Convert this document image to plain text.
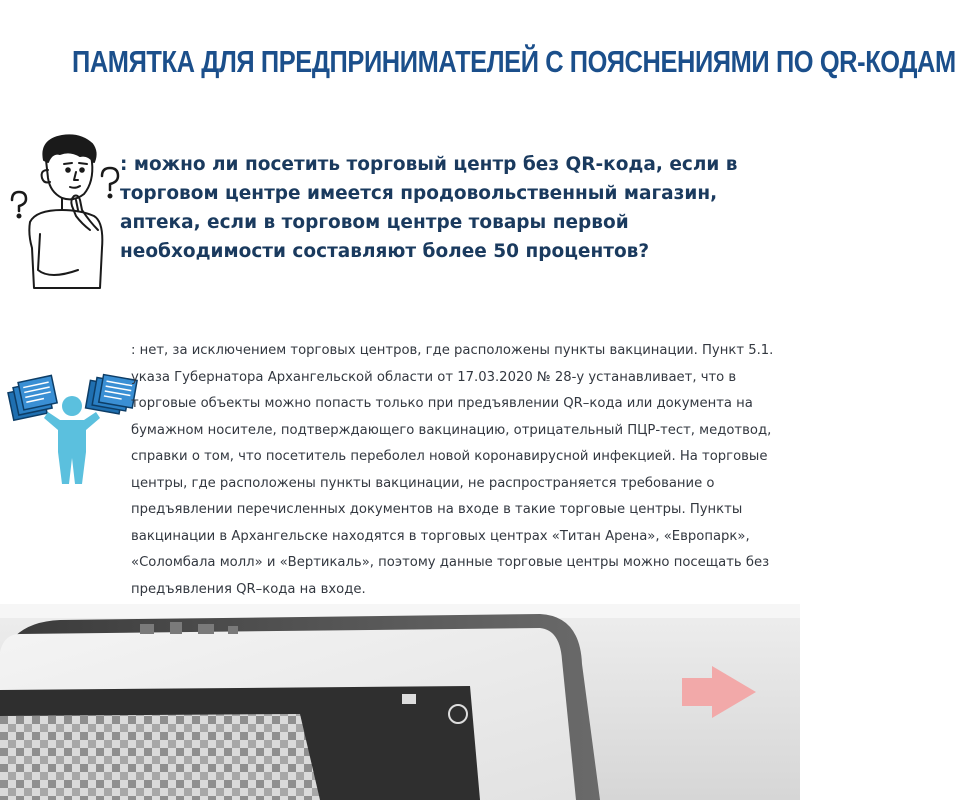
ПАМЯТКА ДЛЯ ПРЕДПРИНИМАТЕЛЕЙ С ПОЯСНЕНИЯМИ ПО QR-КОДАМ
: можно ли посетить торговый центр без QR-кода, если в торговом центре имеется продовольственный магазин, аптека, если в торговом центре товары первой необходимости составляют более 50 процентов?
: нет, за исключением торговых центров, где расположены пункты вакцинации. Пункт 5.1. указа Губернатора Архангельской области от 17.03.2020 № 28-у устанавливает, что в торговые объекты можно попасть только при предъявлении QR–кода или документа на бумажном носителе, подтверждающего вакцинацию, отрицательный ПЦР-тест, медотвод, справки о том, что посетитель переболел новой коронавирусной инфекцией. На торговые центры, где расположены пункты вакцинации, не распространяется требование о предъявлении перечисленных документов на входе в такие торговые центры. Пункты вакцинации в Архангельске находятся в торговых центрах «Титан Арена», «Европарк», «Соломбала молл» и «Вертикаль», поэтому данные торговые центры можно посещать без предъявления QR–кода на входе.
